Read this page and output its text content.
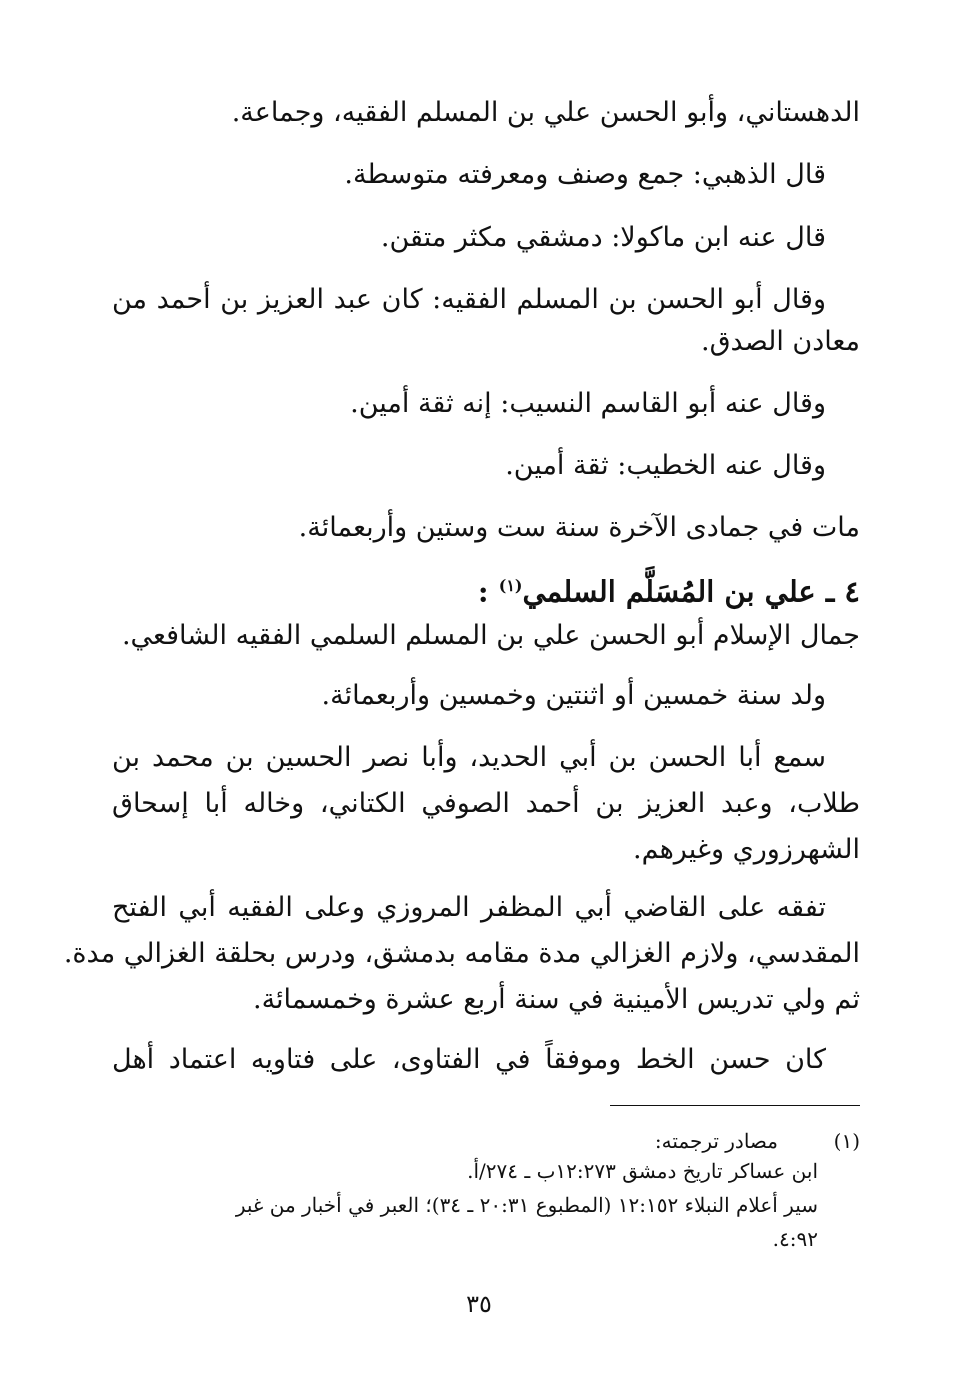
الدهستاني، وأبو الحسن علي بن المسلم الفقيه، وجماعة.

قال الذهبي: جمع وصنف ومعرفته متوسطة.

قال عنه ابن ماكولا: دمشقي مكثر متقن.

وقال أبو الحسن بن المسلم الفقيه: كان عبد العزيز بن أحمد من

معادن الصدق.

وقال عنه أبو القاسم النسيب: إنه ثقة أمين.

وقال عنه الخطيب: ثقة أمين.

مات في جمادى الآخرة سنة ست وستين وأربعمائة.

٤ ـ علي بن المُسَلَّم السلمي$^{(١)}$ :

جمال الإسلام أبو الحسن علي بن المسلم السلمي الفقيه الشافعي.

ولد سنة خمسين أو اثنتين وخمسين وأربعمائة.

سمع أبا الحسن بن أبي الحديد، وأبا نصر الحسين بن محمد بن

طلاب، وعبد العزيز بن أحمد الصوفي الكتاني، وخاله أبا إسحاق

الشهرزوري وغيرهم.

تفقه على القاضي أبي المظفر المروزي وعلى الفقيه أبي الفتح

المقدسي، ولازم الغزالي مدة مقامه بدمشق، ودرس بحلقة الغزالي مدة.

ثم ولي تدريس الأمينية في سنة أربع عشرة وخمسمائة.

كان حسن الخط وموفقاً في الفتاوى، على فتاويه اعتماد أهل

(١)

مصادر ترجمته:

ابن عساكر تاريخ دمشق ١٢:٢٧٣ب ـ ٢٧٤/أ.

سير أعلام النبلاء ١٢:١٥٢ (المطبوع ٢٠:٣١ ـ ٣٤)؛ العبر في أخبار من غبر

٤:٩٢.

٣٥
